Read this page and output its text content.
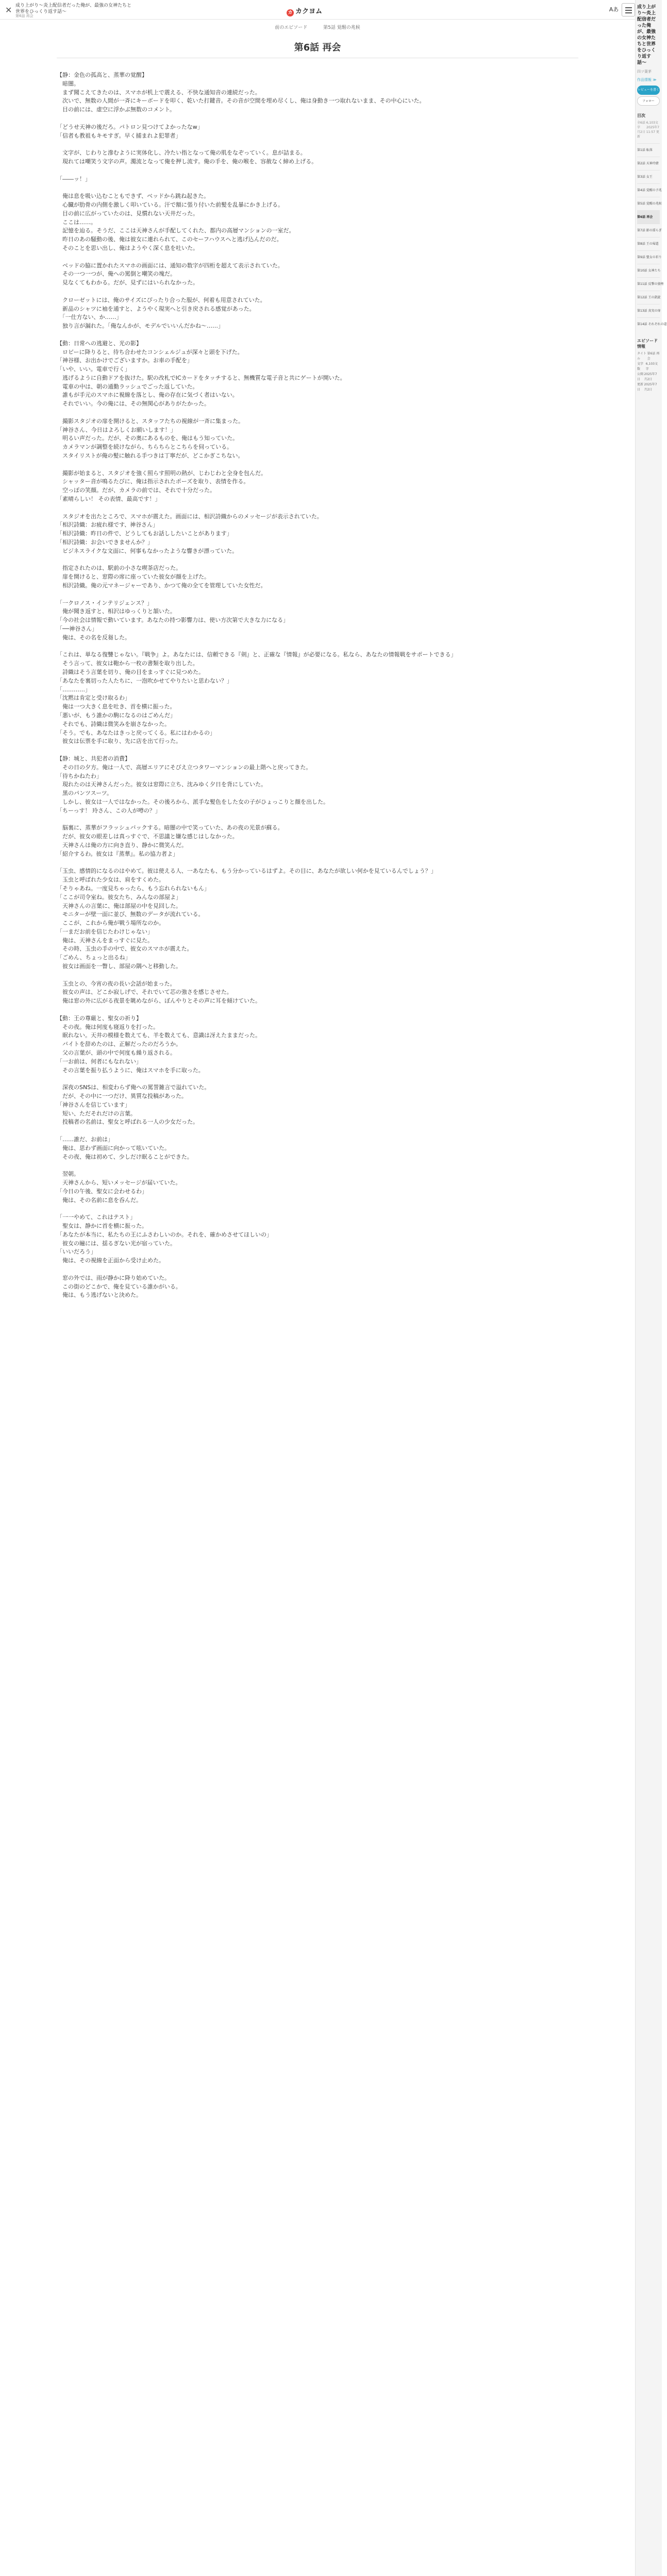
✕ 成り上がり〜炎上配信者だった俺が、最強の女神たちと世界をひっくり返す話〜
第6話 再会
カ カクヨム	Aあ
前のエピソード	第5話 覚醒の兆候
第6話 再会

【静：金色の孤高と、蒸華の覚醒】

　暗闇。

　まず聞こえてきたのは、スマホが机上で震える、不快な通知音の連続だった。

　次いで、無数の人間が一斉にキーボードを叩く、乾いた打鍵音。その音が空間を埋め尽くし、俺は身動き一つ取れないまま、その中心にいた。

　目の前には、虚空に浮かぶ無数のコメント。

「どうせ天神の後だろ。パトロン見つけてよかったなw」

「信者も教祖もキモすぎ。早く捕まれよ犯罪者」

　文字が、じわりと滲むように実体化し、冷たい指となって俺の肌をなぞっていく。息が詰まる。

　現れては嘲笑う文字の声。濁流となって俺を押し流す。俺の手を、俺の喉を、容赦なく締め上げる。

「――ッ！」

　俺は息を吸い込むこともできず、ベッドから跳ね起きた。

　心臓が肋骨の内側を激しく叩いている。汗で額に張り付いた前髪を乱暴にかき上げる。

　目の前に広がっていたのは、見慣れない天井だった。

　ここは……。

　記憶を辿る。そうだ、ここは天神さんが手配してくれた、都内の高層マンションの一室だ。

　昨日のあの騒動の後、俺は彼女に連れられて、このセーフハウスへと逃げ込んだのだ。

　そのことを思い出し、俺はようやく深く息を吐いた。

　ベッドの脇に置かれたスマホの画面には、通知の数字が四桁を超えて表示されていた。

　その一つ一つが、俺への罵倒と嘲笑の塊だ。

　見なくてもわかる。だが、見ずにはいられなかった。

　クローゼットには、俺のサイズにぴったり合った服が、何着も用意されていた。

　新品のシャツに袖を通すと、ようやく現実へと引き戻される感覚があった。

　「一仕方ない、か……」

　独り言が漏れた。「俺なんかが、モデルでいいんだかね〜……」

【動：日常への逃避と、光の影】

　ロビーに降りると、待ち合わせたコンシェルジュが深々と頭を下げた。

「神谷様、お出かけでございますか。お車の手配を」

「いや、いい。電車で行く」

　逃げるように自動ドアを抜けた。駅の改札でICカードをタッチすると、無機質な電子音と共にゲートが開いた。

　電車の中は、朝の通勤ラッシュでごった返していた。

　誰もが手元のスマホに視線を落とし、俺の存在に気づく者はいない。

　それでいい。今の俺には、その無関心がありがたかった。

　撮影スタジオの扉を開けると、スタッフたちの視線が一斉に集まった。

「神谷さん、今日はよろしくお願いします！」

　明るい声だった。だが、その奥にあるものを、俺はもう知っていた。

　カメラマンが調整を続けながら、ちらちらとこちらを伺っている。

　スタイリストが俺の髪に触れる手つきは丁寧だが、どこかぎこちない。

　撮影が始まると、スタジオを強く照らす照明の熱が、じわじわと全身を包んだ。

　シャッター音が鳴るたびに、俺は指示されたポーズを取り、表情を作る。

　空っぽの笑顔。だが、カメラの前では、それで十分だった。

「素晴らしい！ その表情、最高です！」

　スタジオを出たところで、スマホが震えた。画面には、相沢詩織からのメッセージが表示されていた。

「相沢詩織：お疲れ様です、神谷さん」

「相沢詩織：昨日の件で、どうしてもお話ししたいことがあります」

「相沢詩織：お会いできませんか？」

　ビジネスライクな文面に、何事もなかったような響きが漂っていた。

　指定されたのは、駅前の小さな喫茶店だった。

　扉を開けると、窓際の席に座っていた彼女が顔を上げた。

　相沢詩織。俺の元マネージャーであり、かつて俺の全てを管理していた女性だ。

「一クロノス・インテリジェンス？」

　俺が聞き返すと、相沢はゆっくりと頷いた。

「今の社会は情報で動いています。あなたの持つ影響力は、使い方次第で大きな力になる」

「──神谷さん」

　俺は、その名を反芻した。

「これは、単なる復讐じゃない。『戦争』よ。あなたには、信頼できる『剣』と、正確な『情報』が必要になる。私なら、あなたの情報戦をサポートできる」

　そう言って、彼女は鞄から一枚の書類を取り出した。

　詩織はそう言葉を切り、俺の目をまっすぐに見つめた。

「あなたを裏切った人たちに、一泡吹かせてやりたいと思わない？」

「…………」

「沈黙は肯定と受け取るわ」

　俺は一つ大きく息を吐き、首を横に振った。

「悪いが、もう誰かの駒になるのはごめんだ」

　それでも、詩織は微笑みを崩さなかった。

「そう。でも、あなたはきっと戻ってくる。私にはわかるの」

　彼女は伝票を手に取り、先に店を出て行った。

【静：城と、共犯者の消費】

　その日の夕方。俺は一人で、高層エリアにそびえ立つタワーマンションの最上階へと戻ってきた。

「待ちかねたわ」

　現れたのは天神さんだった。彼女は窓際に立ち、沈みゆく夕日を背にしていた。

　黒のパンツスーツ。

　しかし、彼女は一人ではなかった。その後ろから、派手な髪色をした女の子がひょっこりと顔を出した。

「ちーっす！ 玲さん、この人が噂の？」

　脳裏に、蒸華がフラッシュバックする。暗闇の中で笑っていた、あの夜の光景が蘇る。

　だが、彼女の眼差しは真っすぐで、不思議と嫌な感じはしなかった。

　天神さんは俺の方に向き直り、静かに微笑んだ。

「紹介するわ。彼女は『蒸華』。私の協力者よ」

「玉虫、感情的になるのはやめて。彼は使える人、一あなたも、もう分かっているはずよ。その目に、あなたが欲しい何かを見ているんでしょう？」

　玉虫と呼ばれた少女は、肩をすくめた。

「そりゃあね。一度見ちゃったら、もう忘れられないもん」

「ここが司令室ね。彼女たち、みんなの部屋よ」

　天神さんの言葉に、俺は部屋の中を見回した。

　モニターが壁一面に並び、無数のデータが流れている。

　ここが、これから俺が戦う場所なのか。

「一まだお前を信じたわけじゃない」

　俺は、天神さんをまっすぐに見た。

　その時、玉虫の手の中で、彼女のスマホが震えた。

「ごめん、ちょっと出るね」

　彼女は画面を一瞥し、部屋の隅へと移動した。

　玉虫との、今宵の夜の長い会話が始まった。

　彼女の声は、どこか寂しげで、それでいて芯の強さを感じさせた。

　俺は窓の外に広がる夜景を眺めながら、ぼんやりとその声に耳を傾けていた。

【動：王の尊厳と、聖女の祈り】

　その夜。俺は何度も寝返りを打った。

　眠れない。天井の模様を数えても、羊を数えても、意識は冴えたままだった。

　バイトを辞めたのは、正解だったのだろうか。

　父の言葉が、頭の中で何度も繰り返される。

「一お前は、何者にもなれない」

　その言葉を振り払うように、俺はスマホを手に取った。

　深夜のSNSは、相変わらず俺への罵詈雑言で溢れていた。

　だが、その中に一つだけ、異質な投稿があった。

「神谷さんを信じています」

　短い、ただそれだけの言葉。

　投稿者の名前は、聖女と呼ばれる一人の少女だった。

「……誰だ、お前は」

　俺は、思わず画面に向かって呟いていた。

　その夜、俺は初めて、少しだけ眠ることができた。

　翌朝。

　天神さんから、短いメッセージが届いていた。

「今日の午後、聖女に会わせるわ」

　俺は、その名前に息を呑んだ。

「一一やめて、これはテスト」

　聖女は、静かに首を横に振った。

「あなたが本当に、私たちの王にふさわしいのか。それを、確かめさせてほしいの」

　彼女の瞳には、揺るぎない光が宿っていた。

「いいだろう」

　俺は、その視線を正面から受け止めた。

　窓の外では、雨が静かに降り始めていた。

　この街のどこかで、俺を見ている誰かがいる。

　俺は、もう逃げないと決めた。

成り上がり〜炎上配信者だった俺が、最強の女神たちと世界をひっくり返す話〜
四ツ葉茅
作品情報 ≫
レビューを書く
フォロー
目次
全6話 6,103文字　　2025年7月2日 11:57 更新
第1話 転落
第2話 天神玲緒
第3話 女王
第4話 覚醒の予兆
第5話 覚醒の兆候
第6話 再会
第7話 影の揺らぎ
第8話 王の帰還
第9話 聖女の祈り
第10話 女神たち
第11話 反撃の狼煙
第12話 王の凱旋
第13話 真実の扉
第14話 それぞれの道
エピソード情報
タイトル
第6話 再会
文字数
6,103文字
公開日
2025年7月2日
更新日
2025年7月2日
